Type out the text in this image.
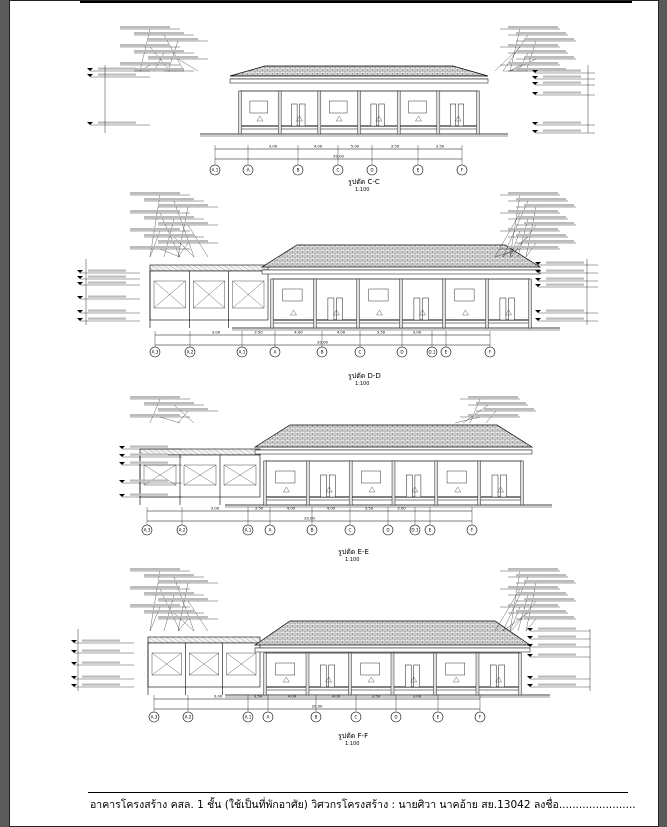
3.00	4.00	5.00	3.50	3.50
20.00
A.1	A	B	C	D	E	F
รูปตัด C-C
1:100
3.00	3.50	4.00	4.00	3.50	3.00
20.00
A.3	A.2	A.1	A	B	C	D	D.1 E	F
รูปตัด D-D
1:100
3.00	3.50	4.00	4.00	3.50	3.00
20.00
A.3	A.2	A.1	A	B	C	D	D.1 E	F
รูปตัด E-E
1:100
3.00	3.50	4.00	4.00	3.50	3.00
20.00
A.3	A.2	A.1	A	B	C	D	E	F
รูปตัด F-F
1:100
อาคารโครงสร้าง คสล. 1 ชั้น (ใช้เป็นที่พักอาศัย) วิศวกรโครงสร้าง : นายศิวา นาคอ้าย สย.13042 ลงชื่อ.......................
